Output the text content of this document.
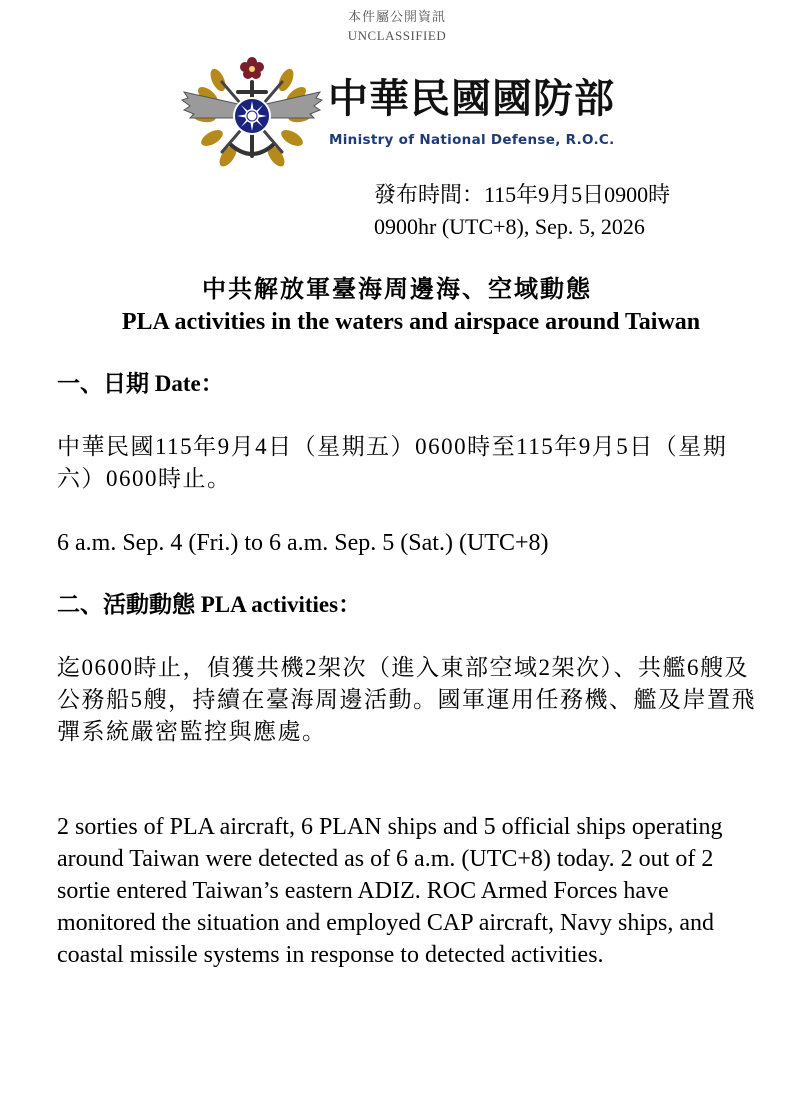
本件屬公開資訊
UNCLASSIFIED
中華民國國防部
Ministry of National Defense, R.O.C.
發布時間：115年9月5日0900時
0900hr (UTC+8), Sep. 5, 2026
中共解放軍臺海周邊海、空域動態
PLA activities in the waters and airspace around Taiwan
一、日期 Date：
中華民國115年9月4日（星期五）0600時至115年9月5日（星期六）0600時止。
6 a.m. Sep. 4 (Fri.) to 6 a.m. Sep. 5 (Sat.) (UTC+8)
二、活動動態 PLA activities：
迄0600時止，偵獲共機2架次（進入東部空域2架次）、共艦6艘及公務船5艘，持續在臺海周邊活動。國軍運用任務機、艦及岸置飛彈系統嚴密監控與應處。
2 sorties of PLA aircraft, 6 PLAN ships and 5 official ships operating around Taiwan were detected as of 6 a.m. (UTC+8) today. 2 out of 2 sortie entered Taiwan’s eastern ADIZ. ROC Armed Forces have monitored the situation and employed CAP aircraft, Navy ships, and coastal missile systems in response to detected activities.
